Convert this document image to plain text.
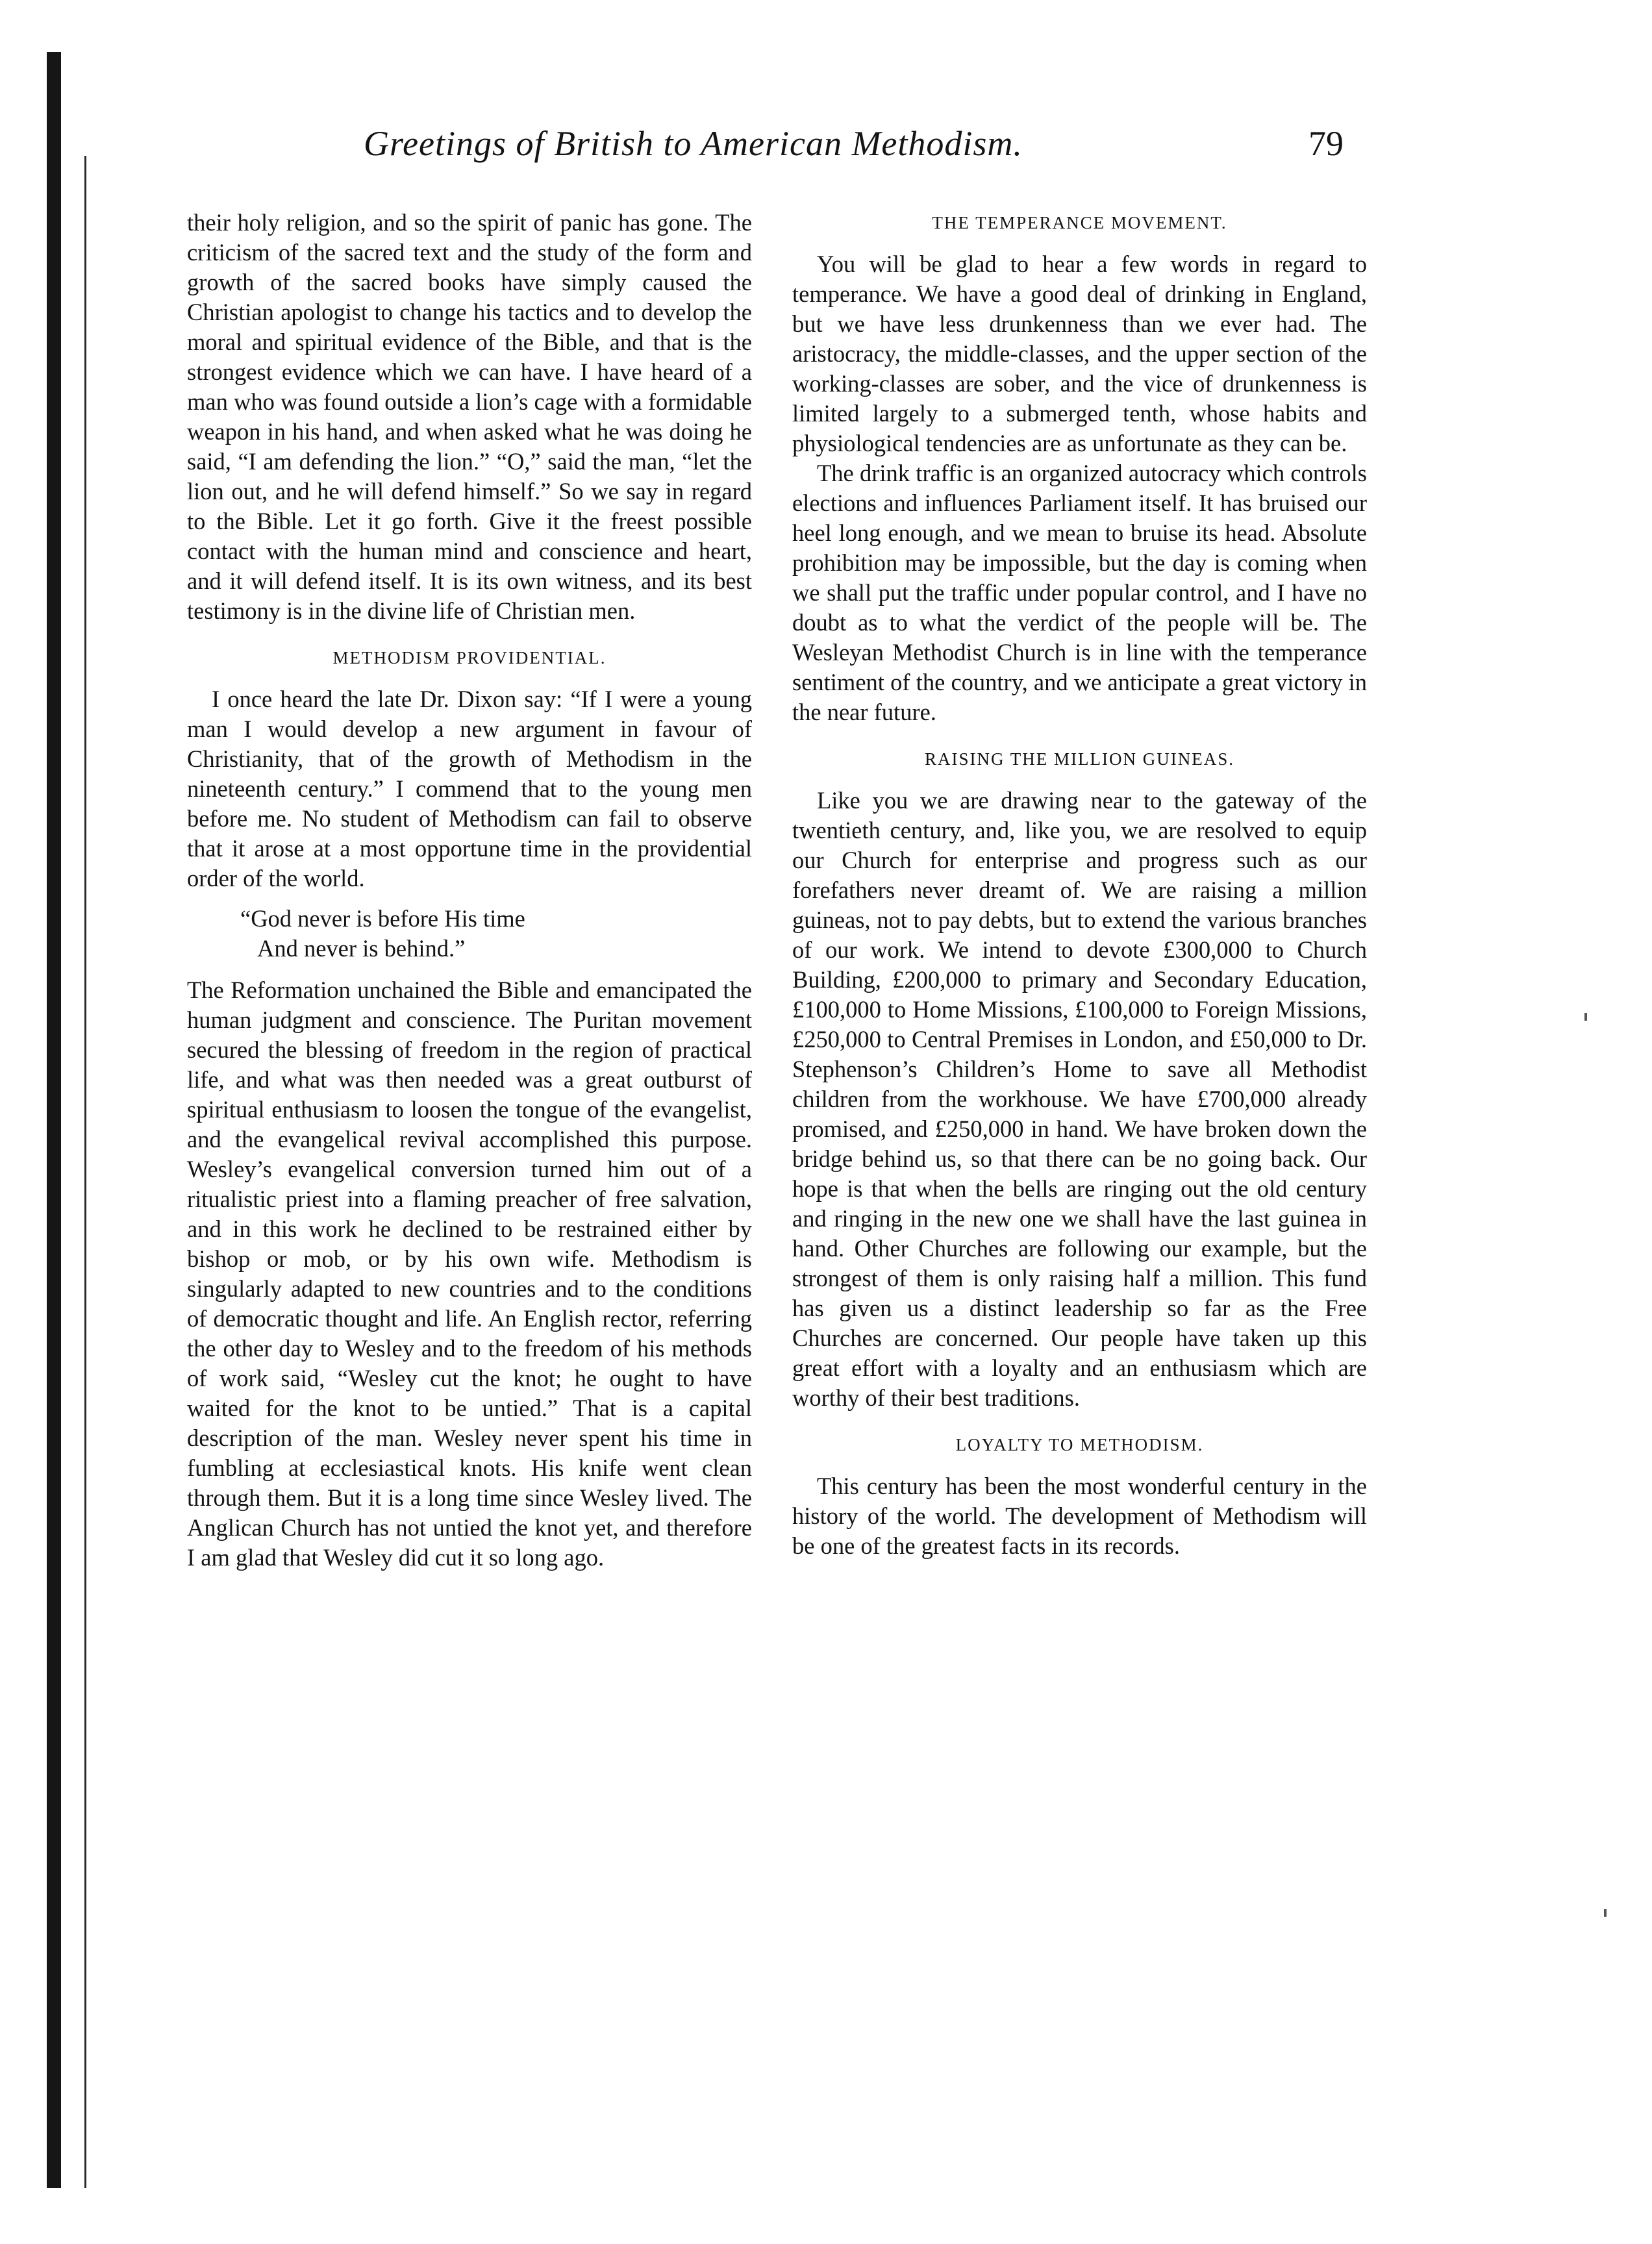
Greetings of British to American Methodism.	79

their holy religion, and so the spirit of panic has gone. The criticism of the sacred text and the study of the form and growth of the sacred books have simply caused the Christian apologist to change his tactics and to develop the moral and spiritual evidence of the Bible, and that is the strongest evidence which we can have. I have heard of a man who was found outside a lion’s cage with a formidable weapon in his hand, and when asked what he was doing he said, “I am defending the lion.” “O,” said the man, “let the lion out, and he will defend himself.” So we say in regard to the Bible. Let it go forth. Give it the freest possible contact with the human mind and conscience and heart, and it will defend itself. It is its own witness, and its best testimony is in the divine life of Christian men.

METHODISM PROVIDENTIAL.

I once heard the late Dr. Dixon say: “If I were a young man I would develop a new argument in favour of Christianity, that of the growth of Methodism in the nineteenth century.” I commend that to the young men before me. No student of Methodism can fail to observe that it arose at a most opportune time in the providential order of the world.

“God never is before His time
And never is behind.”

The Reformation unchained the Bible and emancipated the human judgment and conscience. The Puritan movement secured the blessing of freedom in the region of practical life, and what was then needed was a great outburst of spiritual enthusiasm to loosen the tongue of the evangelist, and the evangelical revival accomplished this purpose. Wesley’s evangelical conversion turned him out of a ritualistic priest into a flaming preacher of free salvation, and in this work he declined to be restrained either by bishop or mob, or by his own wife. Methodism is singularly adapted to new countries and to the conditions of democratic thought and life. An English rector, referring the other day to Wesley and to the freedom of his methods of work said, “Wesley cut the knot; he ought to have waited for the knot to be untied.” That is a capital description of the man. Wesley never spent his time in fumbling at ecclesiastical knots. His knife went clean through them. But it is a long time since Wesley lived. The Anglican Church has not untied the knot yet, and therefore I am glad that Wesley did cut it so long ago.

THE TEMPERANCE MOVEMENT.

You will be glad to hear a few words in regard to temperance. We have a good deal of drinking in England, but we have less drunkenness than we ever had. The aristocracy, the middle-classes, and the upper section of the working-classes are sober, and the vice of drunkenness is limited largely to a submerged tenth, whose habits and physiological tendencies are as unfortunate as they can be.

The drink traffic is an organized autocracy which controls elections and influences Parliament itself. It has bruised our heel long enough, and we mean to bruise its head. Absolute prohibition may be impossible, but the day is coming when we shall put the traffic under popular control, and I have no doubt as to what the verdict of the people will be. The Wesleyan Methodist Church is in line with the temperance sentiment of the country, and we anticipate a great victory in the near future.

RAISING THE MILLION GUINEAS.

Like you we are drawing near to the gateway of the twentieth century, and, like you, we are resolved to equip our Church for enterprise and progress such as our forefathers never dreamt of. We are raising a million guineas, not to pay debts, but to extend the various branches of our work. We intend to devote £300,000 to Church Building, £200,000 to primary and Secondary Education, £100,000 to Home Missions, £100,000 to Foreign Missions, £250,000 to Central Premises in London, and £50,000 to Dr. Stephenson’s Children’s Home to save all Methodist children from the workhouse. We have £700,000 already promised, and £250,000 in hand. We have broken down the bridge behind us, so that there can be no going back. Our hope is that when the bells are ringing out the old century and ringing in the new one we shall have the last guinea in hand. Other Churches are following our example, but the strongest of them is only raising half a million. This fund has given us a distinct leadership so far as the Free Churches are concerned. Our people have taken up this great effort with a loyalty and an enthusiasm which are worthy of their best traditions.

LOYALTY TO METHODISM.

This century has been the most wonderful century in the history of the world. The development of Methodism will be one of the greatest facts in its records.
